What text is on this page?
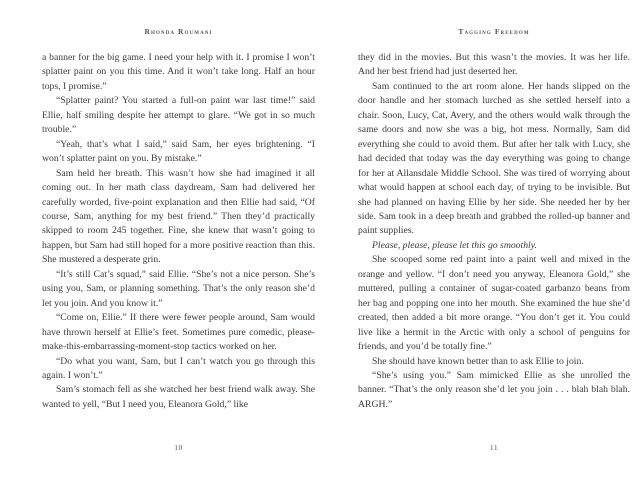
Rhonda Roumani

a banner for the big game. I need your help with it. I promise I won’t splatter paint on you this time. And it won’t take long. Half an hour tops, I promise.”

“Splatter paint? You started a full-on paint war last time!” said Ellie, half smiling despite her attempt to glare. “We got in so much trouble.”

“Yeah, that’s what I said,” said Sam, her eyes brightening. “I won’t splatter paint on you. By mistake.”

Sam held her breath. This wasn’t how she had imagined it all coming out. In her math class daydream, Sam had delivered her carefully worded, five-point explanation and then Ellie had said, “Of course, Sam, anything for my best friend.” Then they’d practically skipped to room 245 together. Fine, she knew that wasn’t going to happen, but Sam had still hoped for a more positive reaction than this. She mustered a desperate grin.

“It’s still Cat’s squad,” said Ellie. “She’s not a nice person. She’s using you, Sam, or planning something. That’s the only reason she’d let you join. And you know it.”

“Come on, Ellie.” If there were fewer people around, Sam would have thrown herself at Ellie’s feet. Sometimes pure comedic, please-make-this-embarrassing-moment-stop tactics worked on her.

“Do what you want, Sam, but I can’t watch you go through this again. I won’t.”

Sam’s stomach fell as she watched her best friend walk away. She wanted to yell, “But I need you, Eleanora Gold,” like

10
Tagging Freedom

they did in the movies. But this wasn’t the movies. It was her life. And her best friend had just deserted her.

Sam continued to the art room alone. Her hands slipped on the door handle and her stomach lurched as she settled herself into a chair. Soon, Lucy, Cat, Avery, and the others would walk through the same doors and now she was a big, hot mess. Normally, Sam did everything she could to avoid them. But after her talk with Lucy, she had decided that today was the day everything was going to change for her at Allansdale Middle School. She was tired of worrying about what would happen at school each day, of trying to be invisible. But she had planned on having Ellie by her side. She needed her by her side. Sam took in a deep breath and grabbed the rolled-up banner and paint supplies.

Please, please, please let this go smoothly.

She scooped some red paint into a paint well and mixed in the orange and yellow. “I don’t need you anyway, Eleanora Gold,” she muttered, pulling a container of sugar-coated garbanzo beans from her bag and popping one into her mouth. She examined the hue she’d created, then added a bit more orange. “You don’t get it. You could live like a hermit in the Arctic with only a school of penguins for friends, and you’d be totally fine.”

She should have known better than to ask Ellie to join.

“She’s using you.” Sam mimicked Ellie as she unrolled the banner. “That’s the only reason she’d let you join . . . blah blah blah. ARGH.”

11
